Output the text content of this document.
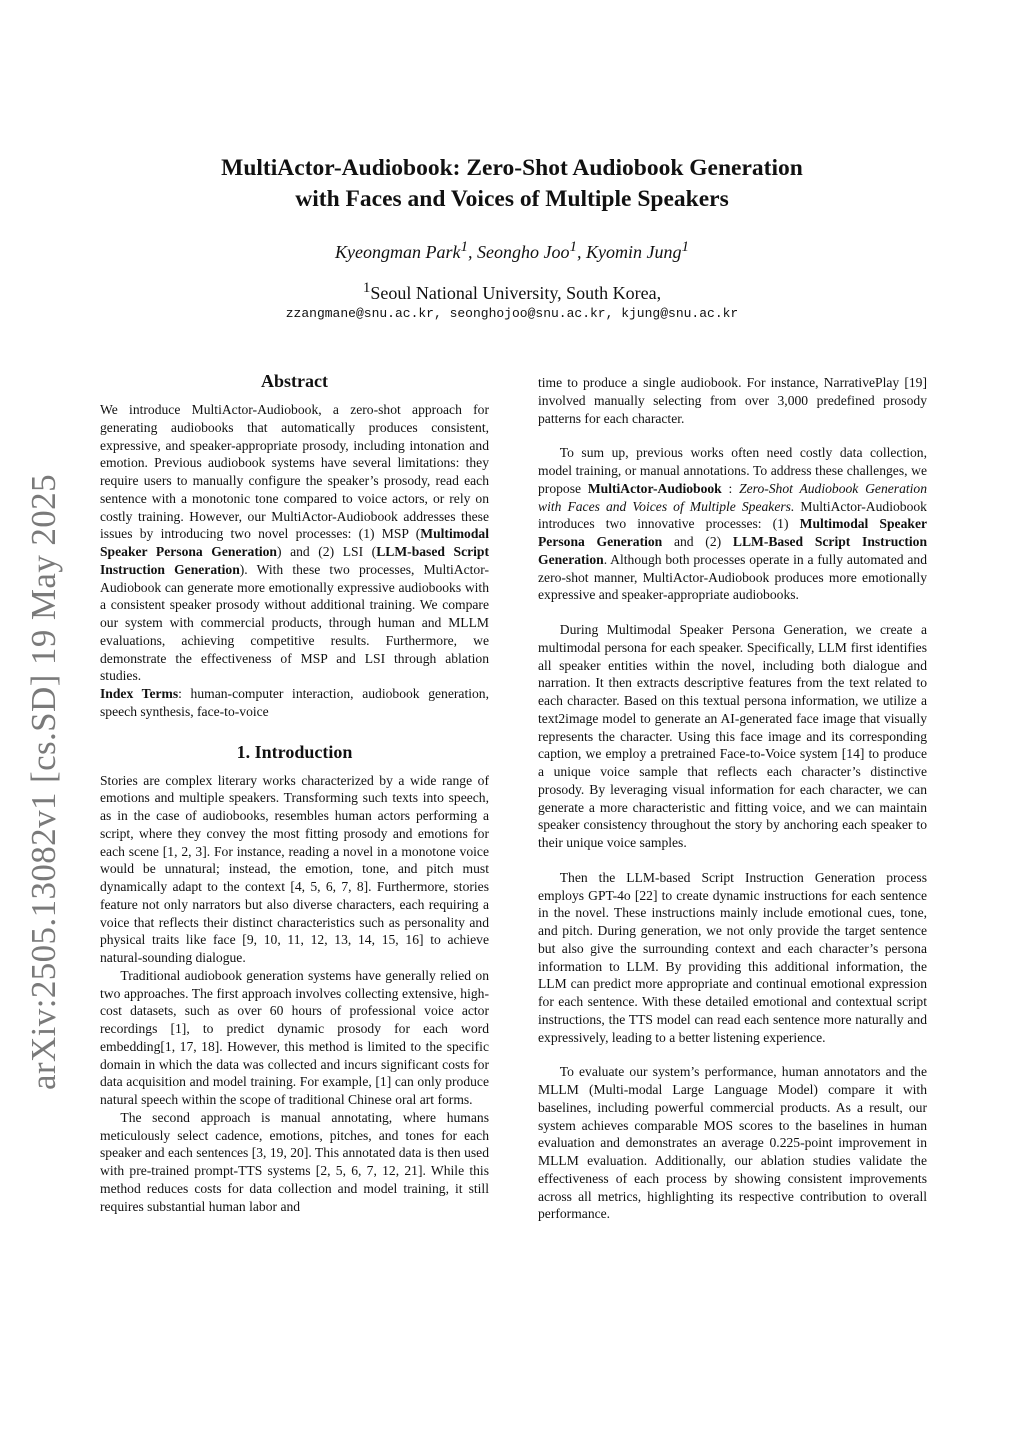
arXiv:2505.13082v1 [cs.SD] 19 May 2025
MultiActor-Audiobook: Zero-Shot Audiobook Generation
with Faces and Voices of Multiple Speakers
Kyeongman Park$^1$, Seongho Joo$^1$, Kyomin Jung$^1$
$^1$Seoul National University, South Korea,
zzangmane@snu.ac.kr, seonghojoo@snu.ac.kr, kjung@snu.ac.kr
Abstract

We introduce MultiActor-Audiobook, a zero-shot approach for generating audiobooks that automatically produces consistent, expressive, and speaker-appropriate prosody, including intonation and emotion. Previous audiobook systems have several limitations: they require users to manually configure the speaker’s prosody, read each sentence with a monotonic tone compared to voice actors, or rely on costly training. However, our MultiActor-Audiobook addresses these issues by introducing two novel processes: (1) MSP (Multimodal Speaker Persona Generation) and (2) LSI (LLM-based Script Instruction Generation). With these two processes, MultiActor-Audiobook can generate more emotionally expressive audiobooks with a consistent speaker prosody without additional training. We compare our system with commercial products, through human and MLLM evaluations, achieving competitive results. Furthermore, we demonstrate the effectiveness of MSP and LSI through ablation studies.

Index Terms: human-computer interaction, audiobook generation, speech synthesis, face-to-voice

1. Introduction

Stories are complex literary works characterized by a wide range of emotions and multiple speakers. Transforming such texts into speech, as in the case of audiobooks, resembles human actors performing a script, where they convey the most fitting prosody and emotions for each scene [1, 2, 3]. For instance, reading a novel in a monotone voice would be unnatural; instead, the emotion, tone, and pitch must dynamically adapt to the context [4, 5, 6, 7, 8]. Furthermore, stories feature not only narrators but also diverse characters, each requiring a voice that reflects their distinct characteristics such as personality and physical traits like face [9, 10, 11, 12, 13, 14, 15, 16] to achieve natural-sounding dialogue.

Traditional audiobook generation systems have generally relied on two approaches. The first approach involves collecting extensive, high-cost datasets, such as over 60 hours of professional voice actor recordings [1], to predict dynamic prosody for each word embedding[1, 17, 18]. However, this method is limited to the specific domain in which the data was collected and incurs significant costs for data acquisition and model training. For example, [1] can only produce natural speech within the scope of traditional Chinese oral art forms.

The second approach is manual annotating, where humans meticulously select cadence, emotions, pitches, and tones for each speaker and each sentences [3, 19, 20]. This annotated data is then used with pre-trained prompt-TTS systems [2, 5, 6, 7, 12, 21]. While this method reduces costs for data collection and model training, it still requires substantial human labor and

time to produce a single audiobook. For instance, NarrativePlay [19] involved manually selecting from over 3,000 predefined prosody patterns for each character.

To sum up, previous works often need costly data collection, model training, or manual annotations. To address these challenges, we propose MultiActor-Audiobook : Zero-Shot Audiobook Generation with Faces and Voices of Multiple Speakers. MultiActor-Audiobook introduces two innovative processes: (1) Multimodal Speaker Persona Generation and (2) LLM-Based Script Instruction Generation. Although both processes operate in a fully automated and zero-shot manner, MultiActor-Audiobook produces more emotionally expressive and speaker-appropriate audiobooks.

During Multimodal Speaker Persona Generation, we create a multimodal persona for each speaker. Specifically, LLM first identifies all speaker entities within the novel, including both dialogue and narration. It then extracts descriptive features from the text related to each character. Based on this textual persona information, we utilize a text2image model to generate an AI-generated face image that visually represents the character. Using this face image and its corresponding caption, we employ a pretrained Face-to-Voice system [14] to produce a unique voice sample that reflects each character’s distinctive prosody. By leveraging visual information for each character, we can generate a more characteristic and fitting voice, and we can maintain speaker consistency throughout the story by anchoring each speaker to their unique voice samples.

Then the LLM-based Script Instruction Generation process employs GPT-4o [22] to create dynamic instructions for each sentence in the novel. These instructions mainly include emotional cues, tone, and pitch. During generation, we not only provide the target sentence but also give the surrounding context and each character’s persona information to LLM. By providing this additional information, the LLM can predict more appropriate and continual emotional expression for each sentence. With these detailed emotional and contextual script instructions, the TTS model can read each sentence more naturally and expressively, leading to a better listening experience.

To evaluate our system’s performance, human annotators and the MLLM (Multi-modal Large Language Model) compare it with baselines, including powerful commercial products. As a result, our system achieves comparable MOS scores to the baselines in human evaluation and demonstrates an average 0.225-point improvement in MLLM evaluation. Additionally, our ablation studies validate the effectiveness of each process by showing consistent improvements across all metrics, highlighting its respective contribution to overall performance.
